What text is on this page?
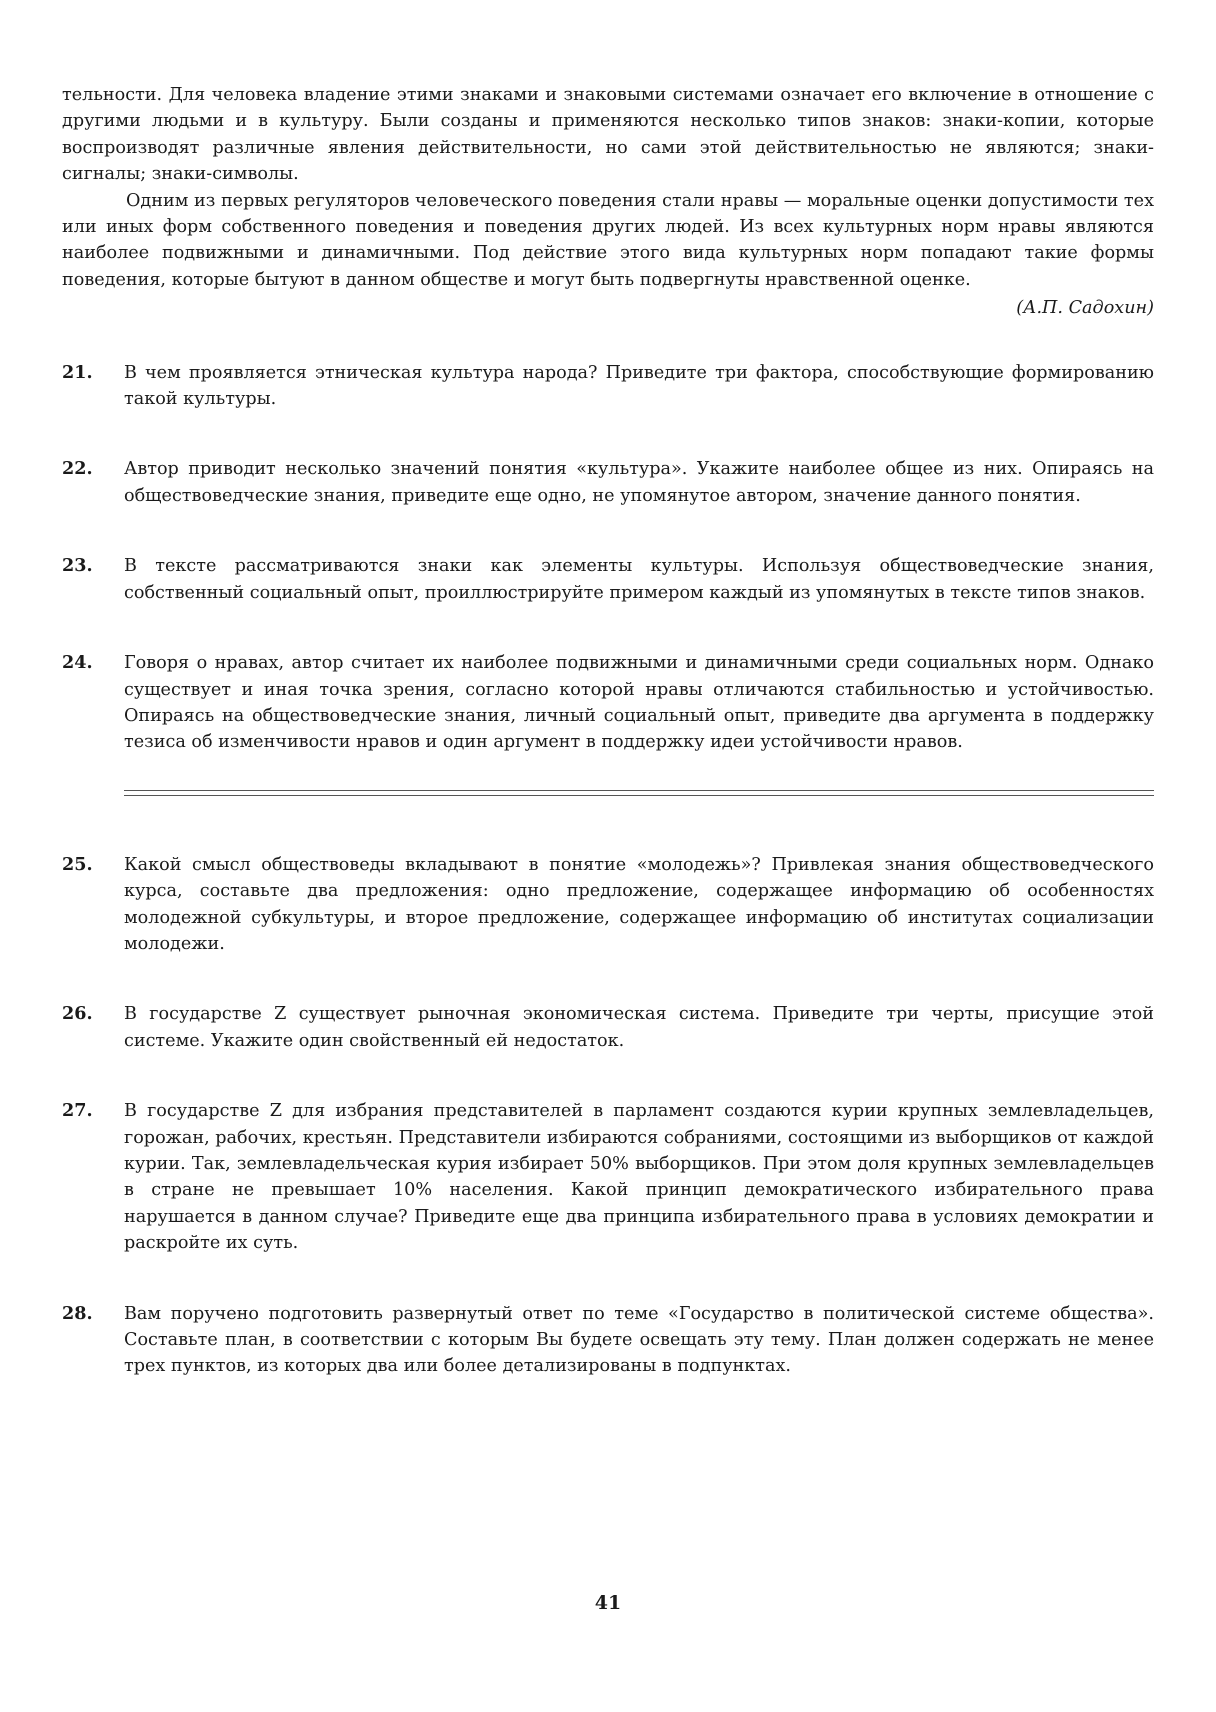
тельности. Для человека владение этими знаками и знаковыми системами означает его включение в отношение с другими людьми и в культуру. Были созданы и применяются несколько типов знаков: знаки-копии, которые воспроизводят различные явления действительности, но сами этой действительностью не являются; знаки-сигналы; знаки-символы.

Одним из первых регуляторов человеческого поведения стали нравы — моральные оценки допустимости тех или иных форм собственного поведения и поведения других людей. Из всех культурных норм нравы являются наиболее подвижными и динамичными. Под действие этого вида культурных норм попадают такие формы поведения, которые бытуют в данном обществе и могут быть подвергнуты нравственной оценке.

(А.П. Садохин)

21.	В чем проявляется этническая культура народа? Приведите три фактора, способствующие формированию такой культуры.
22.	Автор приводит несколько значений понятия «культура». Укажите наиболее общее из них. Опираясь на обществоведческие знания, приведите еще одно, не упомянутое автором, значение данного понятия.
23.	В тексте рассматриваются знаки как элементы культуры. Используя обществоведческие знания, собственный социальный опыт, проиллюстрируйте примером каждый из упомянутых в тексте типов знаков.
24.	Говоря о нравах, автор считает их наиболее подвижными и динамичными среди социальных норм. Однако существует и иная точка зрения, согласно которой нравы отличаются стабильностью и устойчивостью. Опираясь на обществоведческие знания, личный социальный опыт, приведите два аргумента в поддержку тезиса об изменчивости нравов и один аргумент в поддержку идеи устойчивости нравов.
25.	Какой смысл обществоведы вкладывают в понятие «молодежь»? Привлекая знания обществоведческого курса, составьте два предложения: одно предложение, содержащее информацию об особенностях молодежной субкультуры, и второе предложение, содержащее информацию об институтах социализации молодежи.
26.	В государстве Z существует рыночная экономическая система. Приведите три черты, присущие этой системе. Укажите один свойственный ей недостаток.
27.	В государстве Z для избрания представителей в парламент создаются курии крупных землевладельцев, горожан, рабочих, крестьян. Представители избираются собраниями, состоящими из выборщиков от каждой курии. Так, землевладельческая курия избирает 50% выборщиков. При этом доля крупных землевладельцев в стране не превышает 10% населения. Какой принцип демократического избирательного права нарушается в данном случае? Приведите еще два принципа избирательного права в условиях демократии и раскройте их суть.
28.	Вам поручено подготовить развернутый ответ по теме «Государство в политической системе общества». Составьте план, в соответствии с которым Вы будете освещать эту тему. План должен содержать не менее трех пунктов, из которых два или более детализированы в подпунктах.
41
